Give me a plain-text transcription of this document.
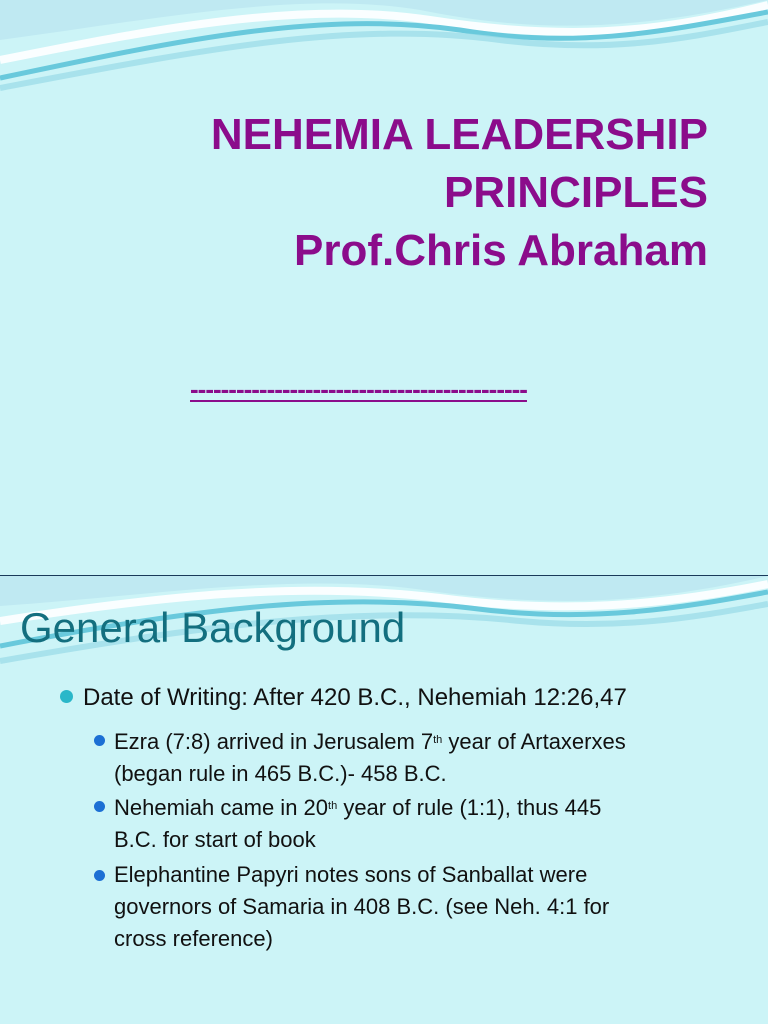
NEHEMIA LEADERSHIP
PRINCIPLES
Prof.Chris Abraham
--------------------------------------------
General Background
Date of Writing: After 420 B.C., Nehemiah 12:26,47
Ezra (7:8) arrived in Jerusalem 7th year of Artaxerxes
(began rule in 465 B.C.)- 458 B.C.
Nehemiah came in 20th year of rule (1:1), thus 445
B.C. for start of book
Elephantine Papyri notes sons of Sanballat were
governors of Samaria in 408 B.C. (see Neh. 4:1 for
cross reference)
